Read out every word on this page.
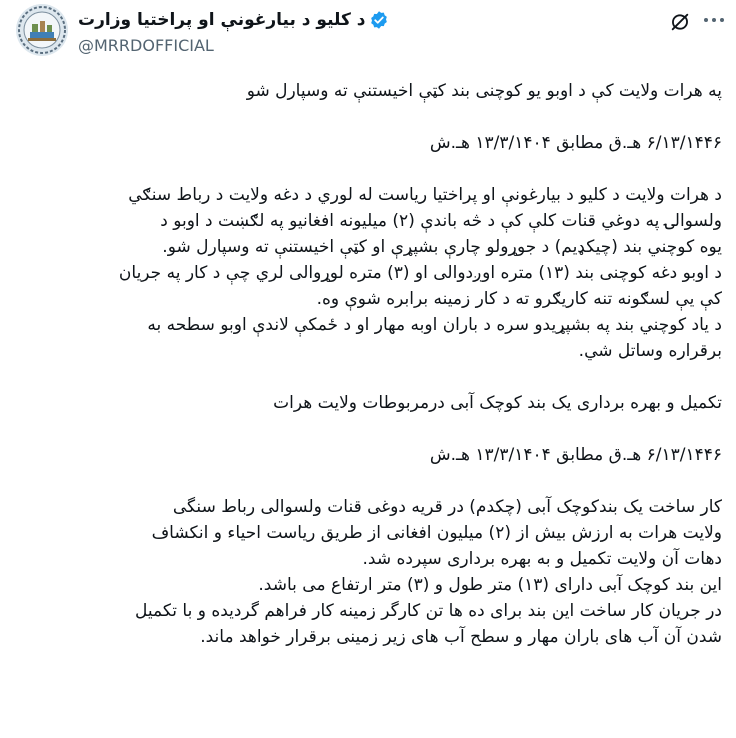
د کلیو د بیارغونې او پراختیا وزارت
@MRRDOFFICIAL
په هرات ولایت کې د اوبو یو کوچنی بند کټې اخیستنې ته وسپارل شو
۶/۱۳/۱۴۴۶ هـ.ق مطابق ۱۳/۳/۱۴۰۴ هـ.ش
د هرات ولایت د کلیو د بیارغونې او پراختیا ریاست له لوري د دغه ولایت د رباط سنګي
ولسوالۍ په دوغي قنات کلې کې د څه باندې (۲) میلیونه افغانیو په لګښت د اوبو د
یوه کوچني بند (چیکډیم) د جوړولو چارې بشپړې او کټې اخیستنې ته وسپارل شو.
د اوبو دغه کوچنی بند (۱۳) متره اوږدوالی او (۳) متره لوړوالی لري چې د کار په جریان
کې یې لسګونه تنه کاریګرو ته د کار زمینه برابره شوې وه.
د یاد کوچني بند په بشپړیدو سره د باران اوبه مهار او د ځمکې لاندې اوبو سطحه به
برقراره وساتل شي.
تکمیل و بهره برداری یک بند کوچک آبی درمربوطات ولایت هرات
۶/۱۳/۱۴۴۶ هـ.ق مطابق ۱۳/۳/۱۴۰۴ هـ.ش
کار ساخت یک بندکوچک آبی (چکدم) در قریه دوغی قنات ولسوالی رباط سنگی
ولایت هرات به ارزش بیش از (۲) میلیون افغانی از طریق ریاست احیاء و انکشاف
دهات آن ولایت تکمیل و به بهره برداری سپرده شد.
این بند کوچک آبی دارای (۱۳) متر طول و (۳) متر ارتفاع می باشد.
در جریان کار ساخت این بند برای ده ها تن کارگر زمینه کار فراهم گردیده و با تکمیل
شدن آن آب های باران مهار و سطح آب های زیر زمینی برقرار خواهد ماند.
